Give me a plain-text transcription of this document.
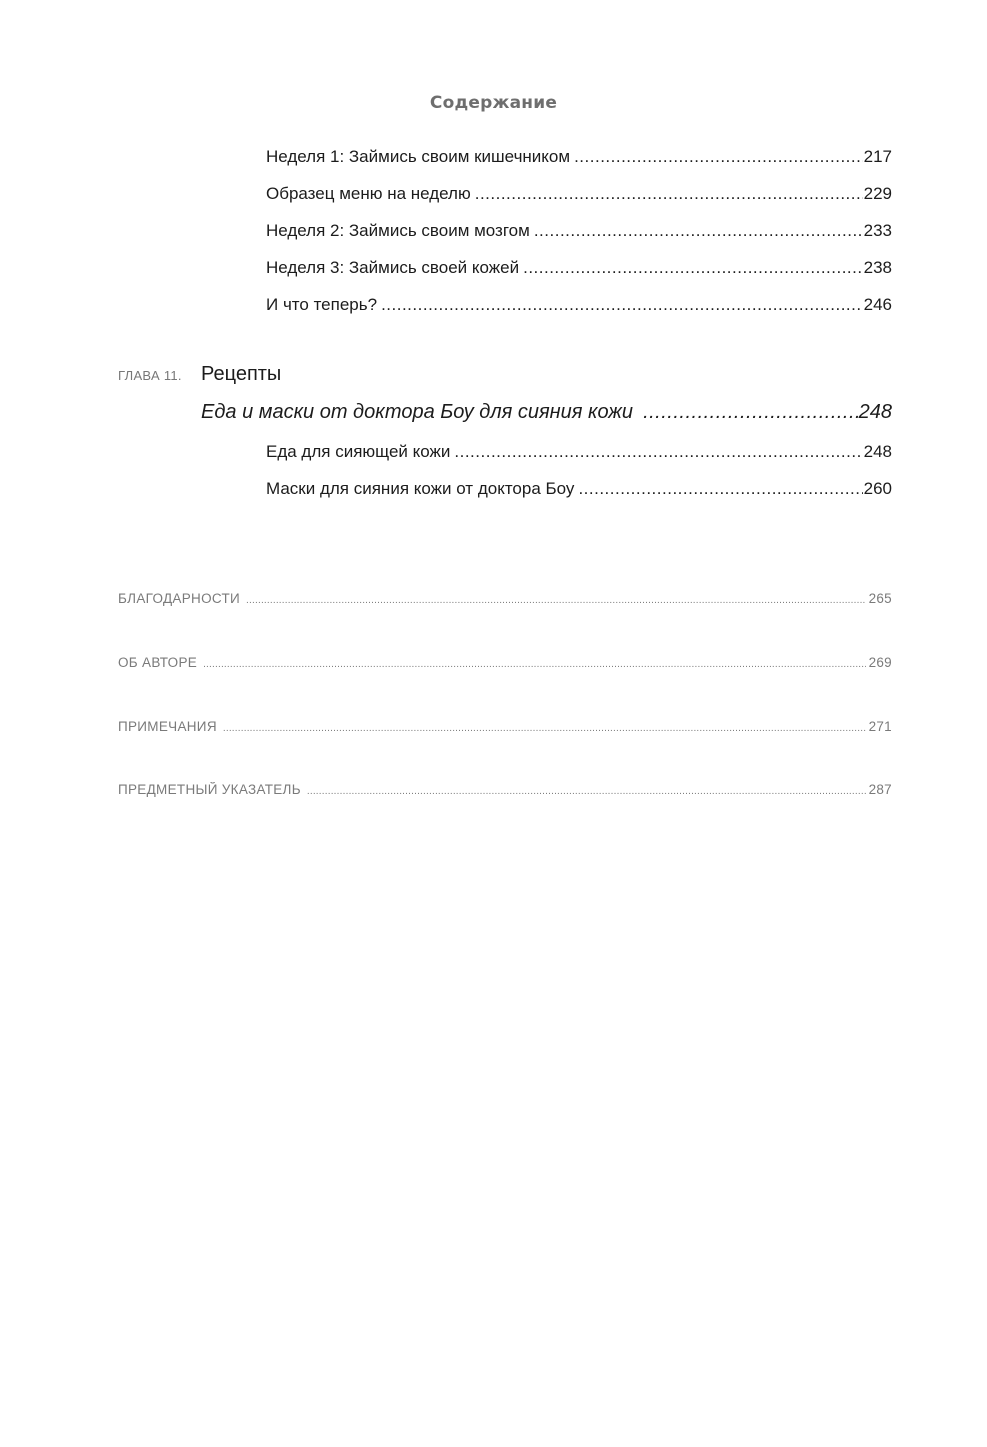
Содержание
Неделя 1: Займись своим кишечником .....	217
Образец меню на неделю .....	229
Неделя 2: Займись своим мозгом .....	233
Неделя 3: Займись своей кожей .....	238
И что теперь? .....	246
ГЛАВА 11. Рецепты
Еда и маски от доктора Боу для сияния кожи .....	248
Еда для сияющей кожи .....	248
Маски для сияния кожи от доктора Боу .....	260
БЛАГОДАРНОСТИ .....	265
ОБ АВТОРЕ .....	269
ПРИМЕЧАНИЯ .....	271
ПРЕДМЕТНЫЙ УКАЗАТЕЛЬ .....	287
